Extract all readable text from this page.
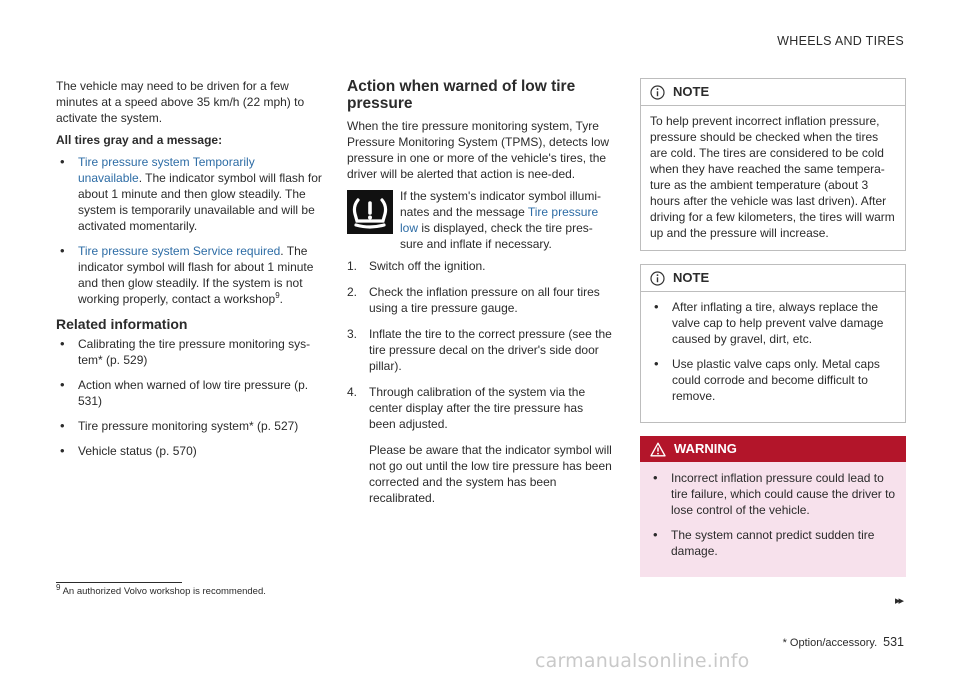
WHEELS AND TIRES

The vehicle may need to be driven for a few minutes at a speed above 35 km/h (22 mph) to activate the system.

All tires gray and a message:

• Tire pressure system Temporarily unavailable. The indicator symbol will flash for about 1 minute and then glow steadily. The system is temporarily unavailable and will be activated momentarily.
• Tire pressure system Service required. The indicator symbol will flash for about 1 minute and then glow steadily. If the system is not working properly, contact a workshop$^9$.
Related information
• Calibrating the tire pressure monitoring sys-tem* (p. 529)
• Action when warned of low tire pressure (p. 531)
• Tire pressure monitoring system* (p. 527)
• Vehicle status (p. 570)
Action when warned of low tire pressure

When the tire pressure monitoring system, Tyre Pressure Monitoring System (TPMS), detects low pressure in one or more of the vehicle's tires, the driver will be alerted that action is nee-ded.

If the system's indicator symbol illumi-nates and the message Tire pressure low is displayed, check the tire pres-sure and inflate if necessary.
1. Switch off the ignition.
2. Check the inflation pressure on all four tires using a tire pressure gauge.
3. Inflate the tire to the correct pressure (see the tire pressure decal on the driver's side door pillar).
4. Through calibration of the system via the center display after the tire pressure has been adjusted.

Please be aware that the indicator symbol will not go out until the low tire pressure has been corrected and the system has been recalibrated.

NOTE
To help prevent incorrect inflation pressure, pressure should be checked when the tires are cold. The tires are considered to be cold when they have reached the same tempera-ture as the ambient temperature (about 3 hours after the vehicle was last driven). After driving for a few kilometers, the tires will warm up and the pressure will increase.
NOTE
• After inflating a tire, always replace the valve cap to help prevent valve damage caused by gravel, dirt, etc.
• Use plastic valve caps only. Metal caps could corrode and become difficult to remove.
WARNING
• Incorrect inflation pressure could lead to tire failure, which could cause the driver to lose control of the vehicle.
• The system cannot predict sudden tire damage.
$^9$ An authorized Volvo workshop is recommended.
▸▸
* Option/accessory. 531
carmanualsonline.info
